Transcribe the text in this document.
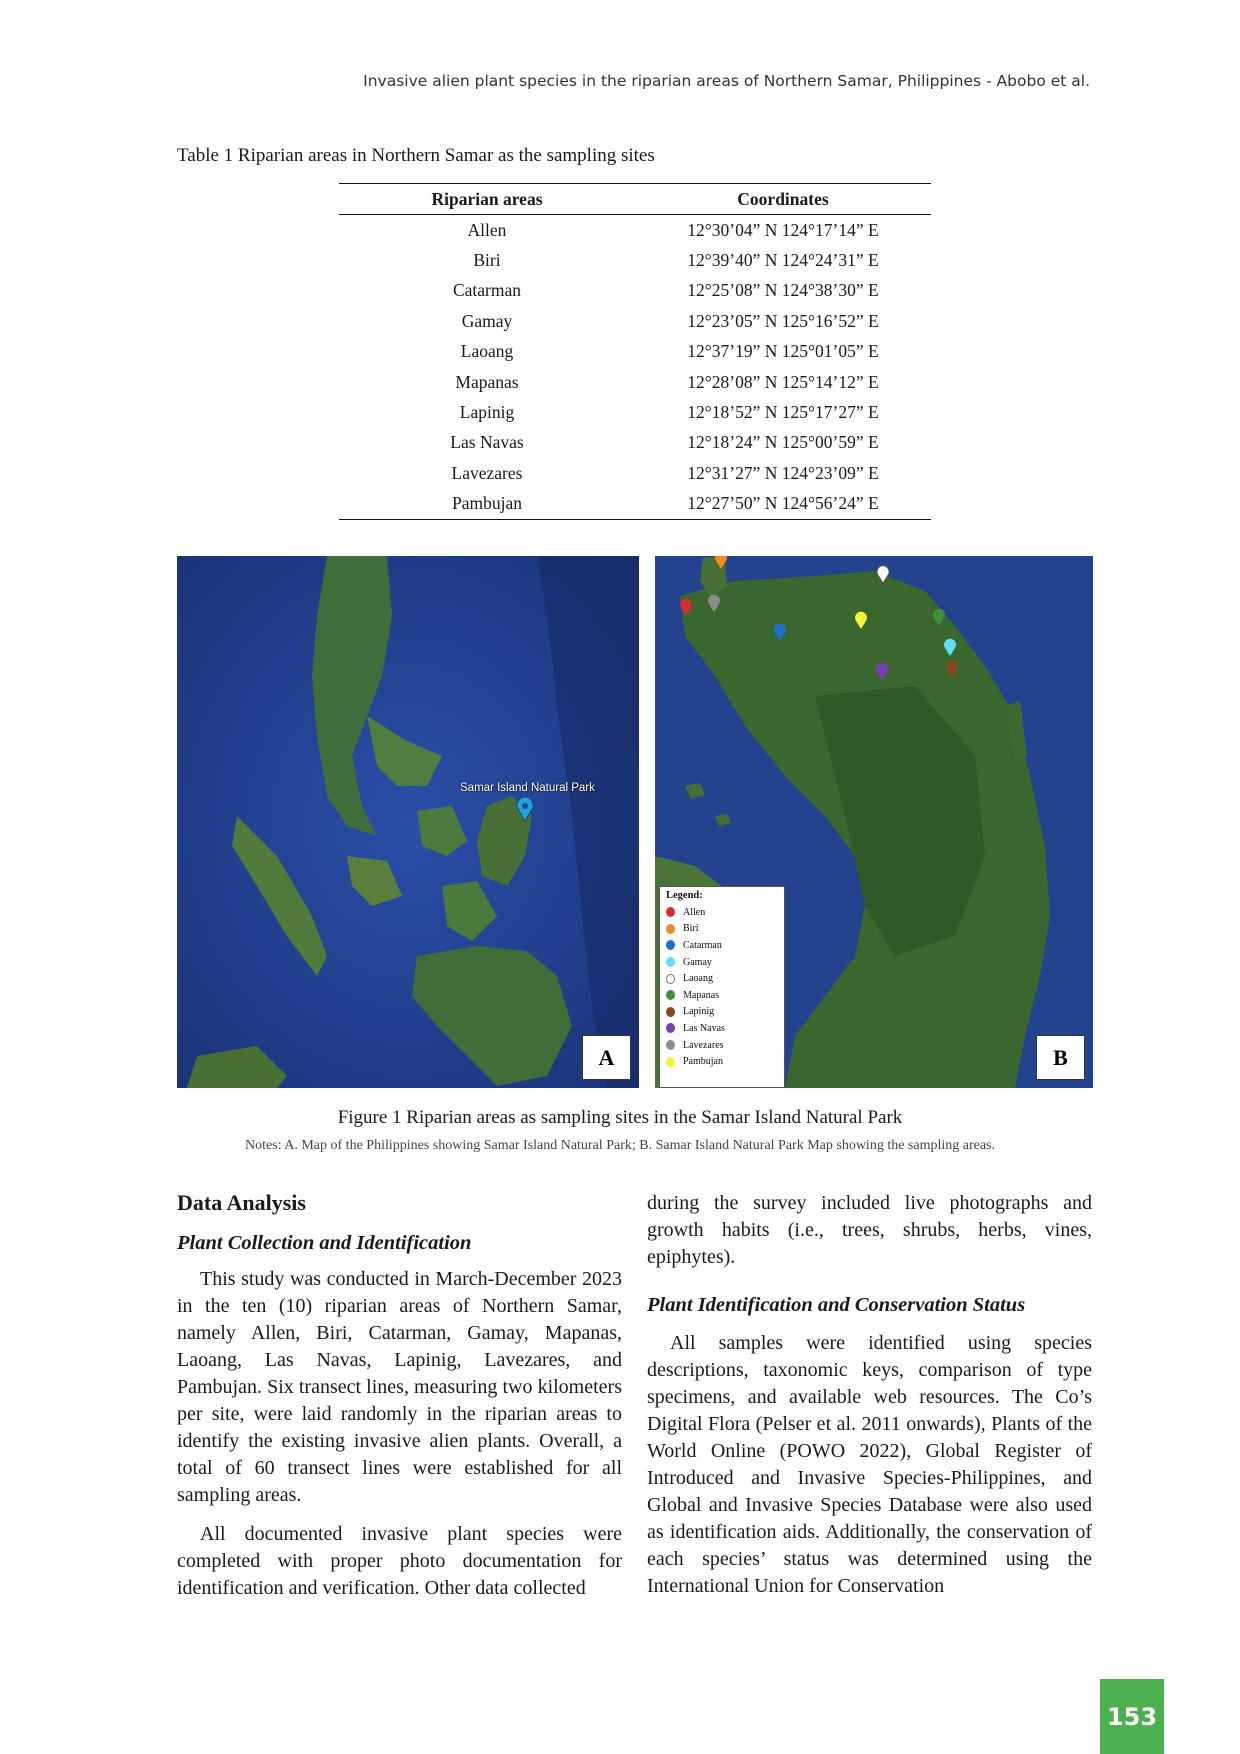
Invasive alien plant species in the riparian areas of Northern Samar, Philippines - Abobo et al.
Table 1 Riparian areas in Northern Samar as the sampling sites
Riparian areas	Coordinates
Allen	12°30’04” N 124°17’14” E
Biri	12°39’40” N 124°24’31” E
Catarman	12°25’08” N 124°38’30” E
Gamay	12°23’05” N 125°16’52” E
Laoang	12°37’19” N 125°01’05” E
Mapanas	12°28’08” N 125°14’12” E
Lapinig	12°18’52” N 125°17’27” E
Las Navas	12°18’24” N 125°00’59” E
Lavezares	12°31’27” N 124°23’09” E
Pambujan	12°27’50” N 124°56’24” E
Samar Island Natural Park
A
Legend:
Allen
Biri
Catarman
Gamay
Laoang
Mapanas
Lapinig
Las Navas
Lavezares
Pambujan	B
Figure 1 Riparian areas as sampling sites in the Samar Island Natural Park
Notes: A. Map of the Philippines showing Samar Island Natural Park; B. Samar Island Natural Park Map showing the sampling areas.
Data Analysis
Plant Collection and Identification

This study was conducted in March-December 2023 in the ten (10) riparian areas of Northern Samar, namely Allen, Biri, Catarman, Gamay, Mapanas, Laoang, Las Navas, Lapinig, Lavezares, and Pambujan. Six transect lines, measuring two kilometers per site, were laid randomly in the riparian areas to identify the existing invasive alien plants. Overall, a total of 60 transect lines were established for all sampling areas.

All documented invasive plant species were completed with proper photo documentation for identification and verification. Other data collected

during the survey included live photographs and growth habits (i.e., trees, shrubs, herbs, vines, epiphytes).

Plant Identification and Conservation Status

All samples were identified using species descriptions, taxonomic keys, comparison of type specimens, and available web resources. The Co’s Digital Flora (Pelser et al. 2011 onwards), Plants of the World Online (POWO 2022), Global Register of Introduced and Invasive Species-Philippines, and Global and Invasive Species Database were also used as identification aids. Additionally, the conservation of each species’ status was determined using the International Union for Conservation

153
